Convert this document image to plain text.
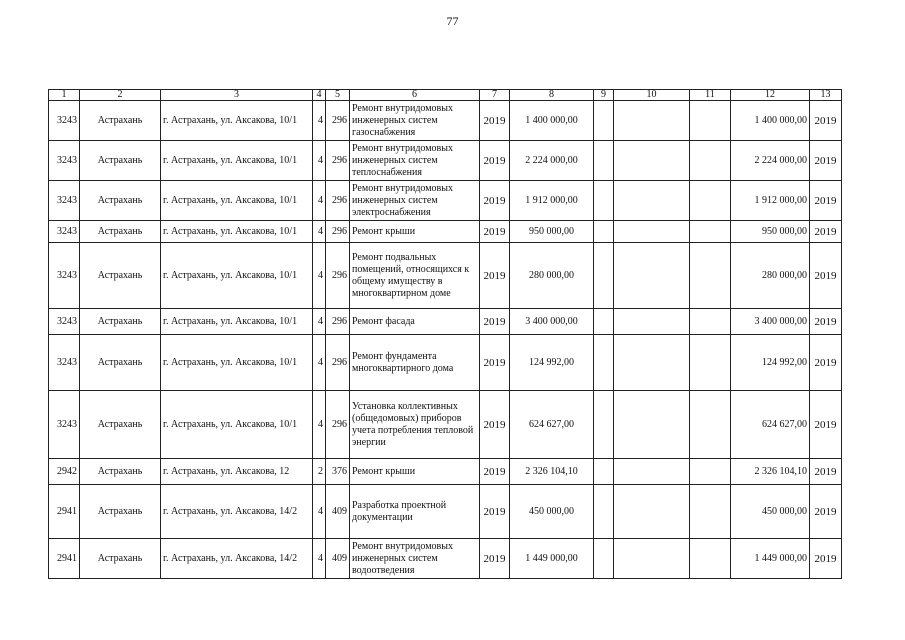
77
1	2	3	4	5	6	7	8	9	10	11	12	13
3243	Астрахань	г. Астрахань, ул. Аксакова, 10/1	4	296	Ремонт внутридомовых инженерных систем газоснабжения	2019	1 400 000,00				1 400 000,00	2019
3243	Астрахань	г. Астрахань, ул. Аксакова, 10/1	4	296	Ремонт внутридомовых инженерных систем теплоснабжения	2019	2 224 000,00				2 224 000,00	2019
3243	Астрахань	г. Астрахань, ул. Аксакова, 10/1	4	296	Ремонт внутридомовых инженерных систем электроснабжения	2019	1 912 000,00				1 912 000,00	2019
3243	Астрахань	г. Астрахань, ул. Аксакова, 10/1	4	296	Ремонт крыши	2019	950 000,00				950 000,00	2019
3243	Астрахань	г. Астрахань, ул. Аксакова, 10/1	4	296	Ремонт подвальных помещений, относящихся к общему имуществу в многоквартирном доме	2019	280 000,00				280 000,00	2019
3243	Астрахань	г. Астрахань, ул. Аксакова, 10/1	4	296	Ремонт фасада	2019	3 400 000,00				3 400 000,00	2019
3243	Астрахань	г. Астрахань, ул. Аксакова, 10/1	4	296	Ремонт фундамента многоквартирного дома	2019	124 992,00				124 992,00	2019
3243	Астрахань	г. Астрахань, ул. Аксакова, 10/1	4	296	Установка коллективных (общедомовых) приборов учета потребления тепловой энергии	2019	624 627,00				624 627,00	2019
2942	Астрахань	г. Астрахань, ул. Аксакова, 12	2	376	Ремонт крыши	2019	2 326 104,10				2 326 104,10	2019
2941	Астрахань	г. Астрахань, ул. Аксакова, 14/2	4	409	Разработка проектной документации	2019	450 000,00				450 000,00	2019
2941	Астрахань	г. Астрахань, ул. Аксакова, 14/2	4	409	Ремонт внутридомовых инженерных систем водоотведения	2019	1 449 000,00				1 449 000,00	2019
